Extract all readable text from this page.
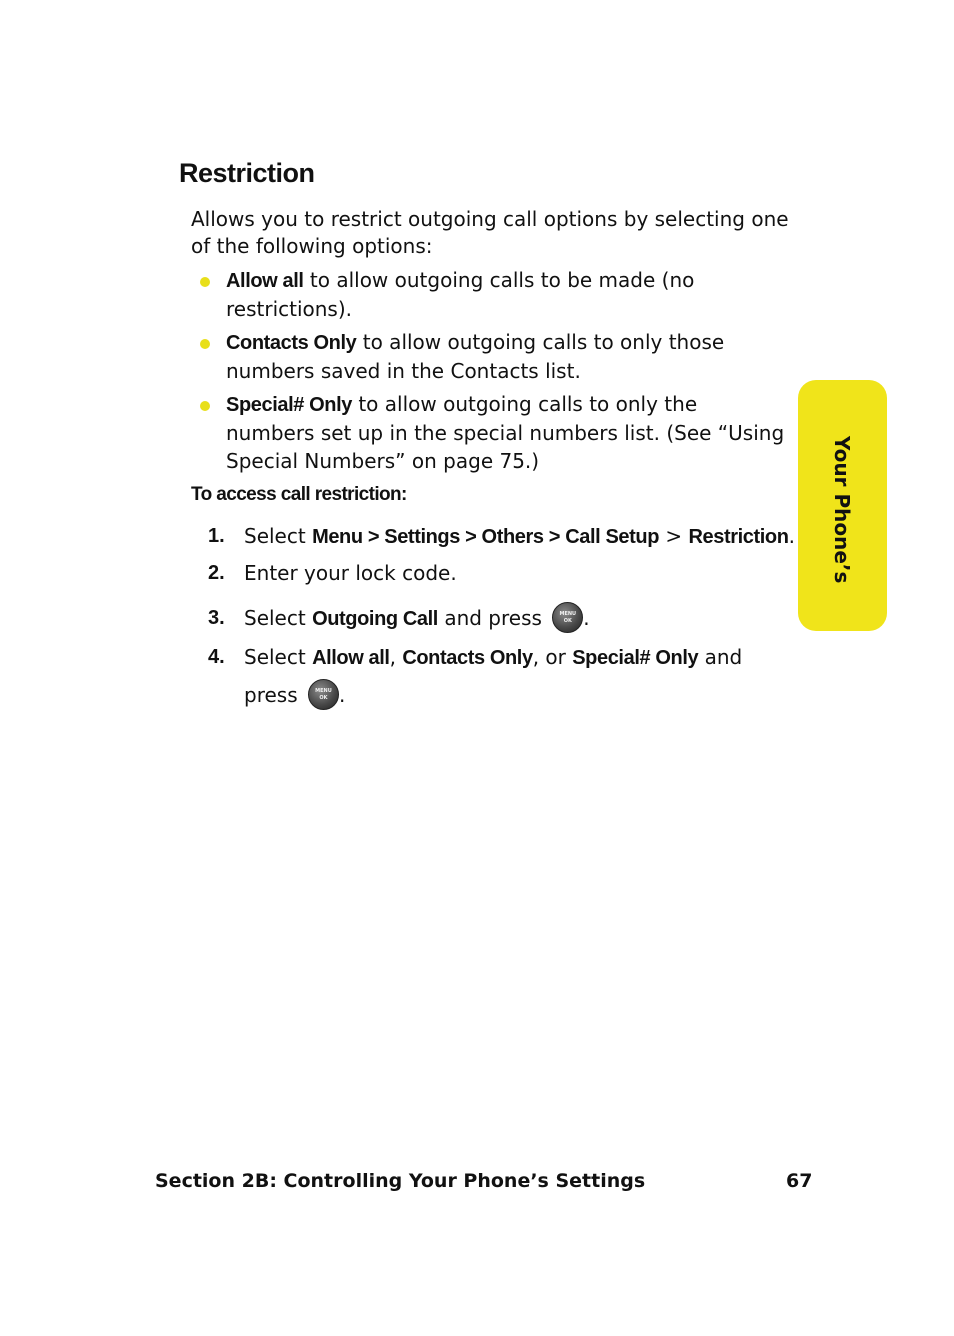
Restriction

Allows you to restrict outgoing call options by selecting one of the following options:

Allow all to allow outgoing calls to be made (no restrictions).
Contacts Only to allow outgoing calls to only those numbers saved in the Contacts list.
Special# Only to allow outgoing calls to only the numbers set up in the special numbers list. (See “Using Special Numbers” on page 75.)
To access call restriction:
1. Select Menu > Settings > Others > Call Setup > Restriction.
2. Enter your lock code.
3. Select Outgoing Call and press	MENU
OK .
4. Select Allow all, Contacts Only, or Special# Only and
press	MENU
OK .
Your Phone’s
Section 2B: Controlling Your Phone’s Settings	67
